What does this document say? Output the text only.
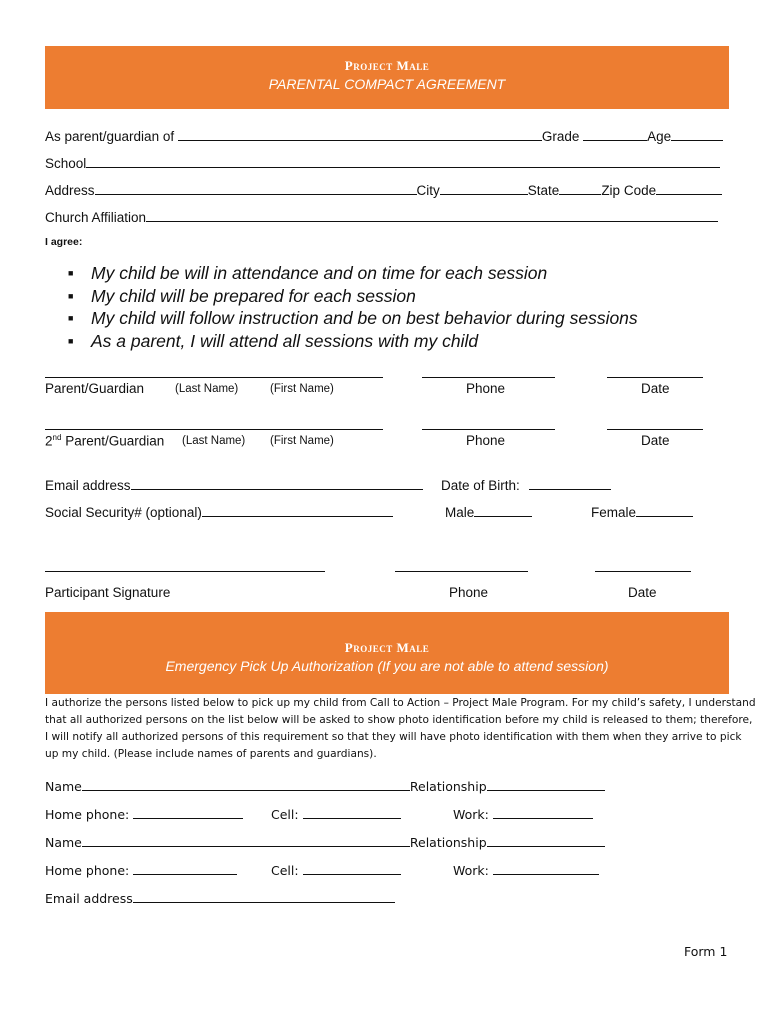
Project Male
PARENTAL COMPACT AGREEMENT
As parent/guardian of	Grade	Age
School
Address	City	State	Zip Code
Church Affiliation
I agree:
■ My child be will in attendance and on time for each session
■ My child will be prepared for each session
■ My child will follow instruction and be on best behavior during sessions
■ As a parent, I will attend all sessions with my child
Parent/Guardian	(Last Name)	(First Name)	Phone	Date
2nd Parent/Guardian (Last Name) (First Name)	Phone	Date
Email address	Date of Birth:
Social Security# (optional)	Male	Female
Participant Signature	Phone	Date
Project Male
Emergency Pick Up Authorization (If you are not able to attend session)
I authorize the persons listed below to pick up my child from Call to Action – Project Male Program. For my child’s safety, I understand
that all authorized persons on the list below will be asked to show photo identification before my child is released to them; therefore,
I will notify all authorized persons of this requirement so that they will have photo identification with them when they arrive to pick
up my child. (Please include names of parents and guardians).
Name	Relationship
Home phone:	Cell:	Work:
Name	Relationship
Home phone:	Cell:	Work:
Email address
Form 1
